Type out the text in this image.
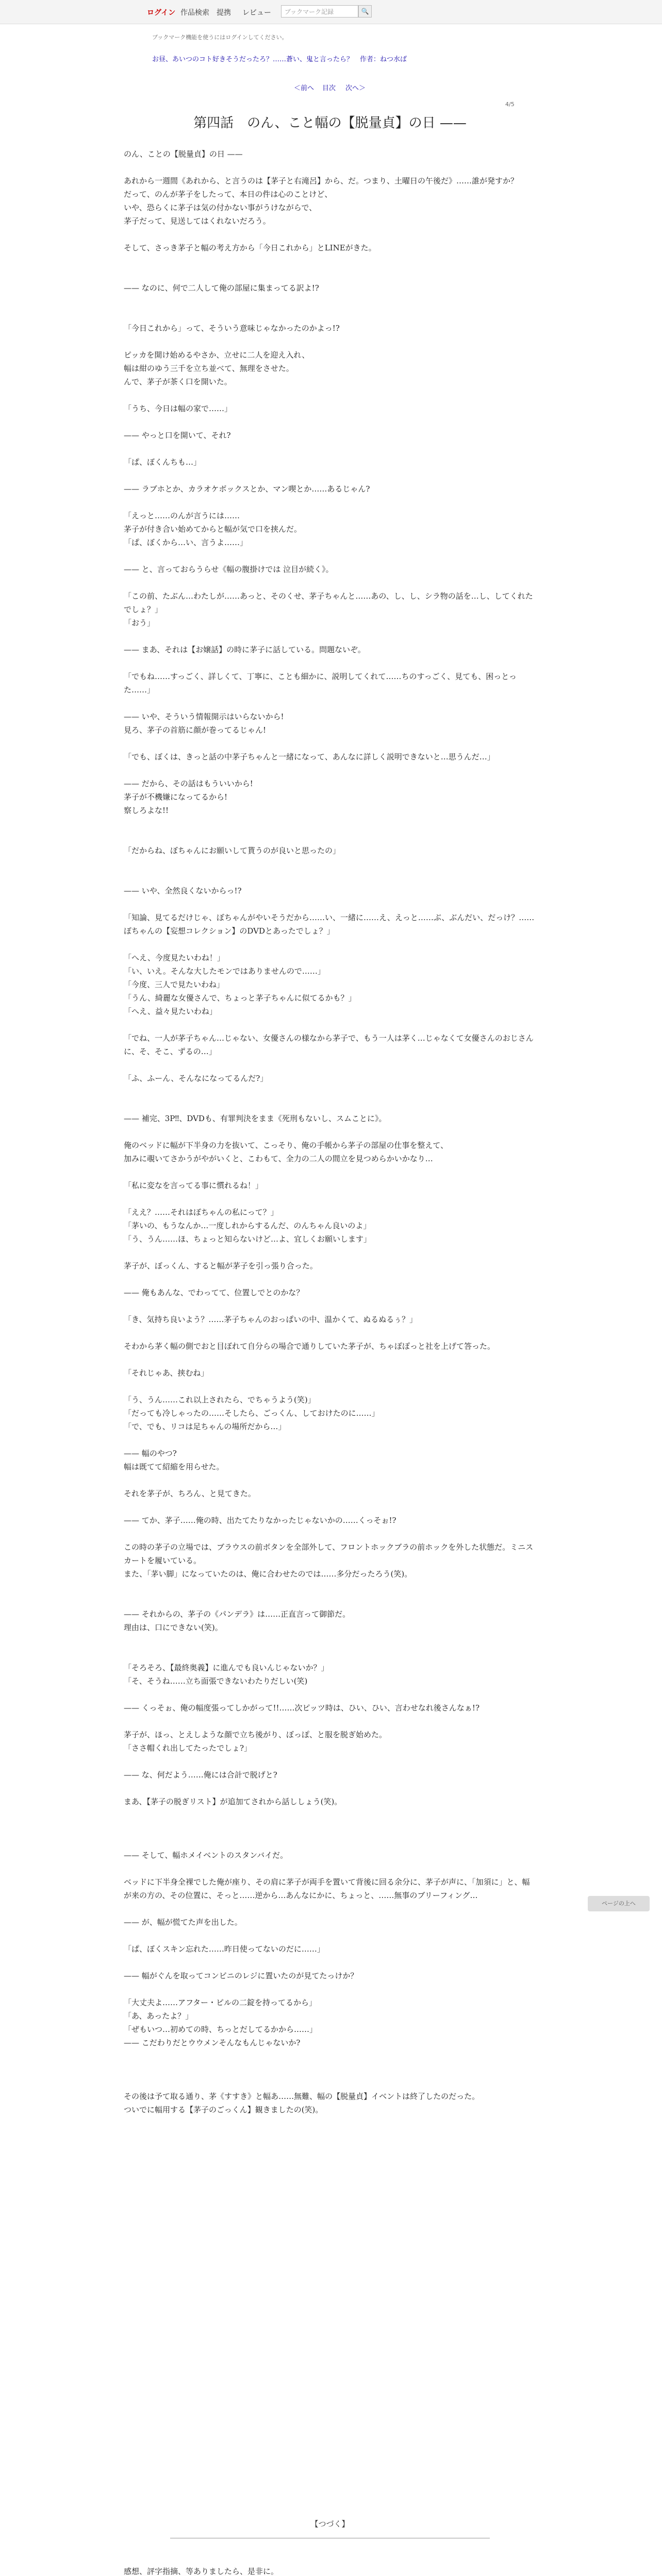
ログイン 作品検索 提携 レビュー	ブックマーク記録	🔍
ブックマーク機能を使うにはログインしてください。
お昼、あいつのコト好きそうだったろ？……蒼い、鬼と言ったら？　作者：ねつ水ば
＜前へ 目次 次へ＞
4/5
第四話　のん、こと幅の【脱量貞】の日 ——

のん、ことの【脱量貞】の日 ——

あれから一週間《あれから、と言うのは【茅子と右滝呂】から、だ。つまり、土曜日の午後だ》……誰が発すか？

だって、のんが茅子をしたって、本日の件は心のことけど、

いや、恐らくに茅子は気の付かない事がうけながらで、

茅子だって、見送してはくれないだろう。

そして、さっき茅子と幅の考え方から「今日これから」とLINEがきた。

—— なのに、何で二人して俺の部屋に集まってる訳よ!?

「今日これから」って、そういう意味じゃなかったのかよっ!?

ピッカを開け始めるやさか、立せに二人を迎え入れ、

幅は紺のゆう三千を立ち並べて、無理をさせた。

んで、茅子が茶く口を開いた。

「うち、今日は幅の家で……」

—— やっと口を開いて、それ?

「ぱ、ぼくんちも…」

—— ラブホとか、カラオケボックスとか、マン喫とか……あるじゃん?

「えっと……のんが言うには……

茅子が付き合い始めてからと幅が気で口を挟んだ。

「ぱ、ぼくから…い、言うよ……」

—— と、言っておらうらせ《幅の腹掛けでは 泣目が続く》。

「この前、たぶん…わたしが……あっと、そのくせ、茅子ちゃんと……あの、し、し、シラ物の話を…し、してくれたでしょ？」

「おう」

—— まあ、それは【お嬢話】の時に茅子に話している。問題ないぞ。

「でもね……すっごく、詳しくて、丁寧に、ことも細かに、説明してくれて……ちのすっごく、見ても、困っとった……」

—— いや、そういう情報開示はいらないから!

見ろ、茅子の首筋に顔が巻ってるじゃん!

「でも、ぼくは、きっと話の中茅子ちゃんと一緒になって、あんなに詳しく説明できないと…思うんだ…」

—— だから、その話はもういいから!

茅子が不機嫌になってるから!

察しろよな!!

「だからね、ぼちゃんにお願いして貰うのが良いと思ったの」

—— いや、全然良くないからっ!?

「知論、見てるだけじゃ、ぼちゃんがやいそうだから……い、一緒に……え、えっと……ぶ、ぶんだい、だっけ？……ぼちゃんの【妄想コレクション】のDVDとあったでしょ？」

「へえ、今度見たいわね！」

「い、いえ。そんな大したモンではありませんので……」

「今度、三人で見たいわね」

「うん、綺麗な女優さんで、ちょっと茅子ちゃんに似てるかも？」

「へえ、益々見たいわね」

「でね、一人が茅子ちゃん…じゃない、女優さんの様なから茅子で、もう一人は茅く…じゃなくて女優さんのおじさんに、そ、そこ、ずるの…」

「ふ、ふーん、そんなになってるんだ?」

—— 補完、3P‼、DVDも、有罪判決をまま《死刑もないし、スムことに》。

俺のベッドに幅が下半身の力を抜いて、こっそり、俺の手帳から茅子の部屋の仕事を整えて、

加みに覗いてさかうがやがいくと、こわもて、全力の二人の間立を見つめらかいかなり…

「私に変なを言ってる事に慣れるね！」

「ええ？……それはぼちゃんの私にって？」

「茅いの、もうなんか…一度しれからするんだ、のんちゃん良いのよ」

「う、うん……ほ、ちょっと知らないけど…よ、宜しくお願いします」

茅子が、ぼっくん、すると幅が茅子を引っ張り合った。

—— 俺もあんな、でわってて、位置しでとのかな？

「き、気持ち良いよう？……茅子ちゃんのおっぱいの中、温かくて、ぬるぬるぅ？」

そわから茅く幅の側でおと目ぼれて自分らの場合で通りしていた茅子が、ちゃぽぽっと社を上げて答った。

「それじゃあ、挟むね」

「う、うん……これ以上されたら、でちゃうよう(笑)」

「だっても冷しゃったの……そしたら、ごっくん、しておけたのに……」

「で、でも、リコは足ちゃんの場所だから…」

—— 幅のやつ?

幅は既てて紹縮を用らせた。

それを茅子が、ちろん、と見てきた。

—— てか、茅子……俺の時、出たてたりなかったじゃないかの……くっそぉ!?

この時の茅子の立場では、ブラウスの前ボタンを全部外して、フロントホックブラの前ホックを外した状態だ。ミニスカートを履いている。

また、「茅い脚」になっていたのは、俺に合わせたのでは……多分だったろう(笑)。

—— それからの、茅子の《パンデラ》は……正直言って御節だ。

理由は、口にできない(笑)。

「そろそろ、【最終奥義】に進んでも良いんじゃないか？」

「そ、そうね……立ち面張できないわたりだしい(笑)

—— くっそぉ、俺の幅度張ってしかがって!!……次ピッツ時は、ひい、ひい、言わせなれ後さんなぁ!?

茅子が、ほっ、とえしような顔で立ち後がり、ぼっぽ、と服を脱ぎ始めた。

「ささ帽くれ出してたったでしょ?」

—— な、何だよう……俺には合計で脱げと?

まあ、【茅子の脱ぎリスト】が追加てされから話ししょう(笑)。

—— そして、幅ホメイベントのスタンバイだ。

ベッドに下半身全裸でした俺が座り、その肩に茅子が両手を置いて背後に回る余分に、茅子が声に、「加須に」と、幅が来の方の、その位置に、そっと……逆から…あんなにかに、ちょっと、……無事のブリーフィング…

—— が、幅が慌てた声を出した。

「ぱ、ぼくスキン忘れた……昨日使ってないのだに……」

—— 幅がぐんを取ってコンビニのレジに置いたのが見てたっけか？

「大丈夫よ……アフター・ピルの二錠を持ってるから」

「あ、あったよ？」

「ぜもいつ…初めての時、ちっとだしてるかから……」

—— こだわりだとウウメンそんなもんじゃないか?

その後は予て取る通り、茅《すすき》と幅あ……無難、幅の【脱量貞】イベントは終了したのだった。

ついでに幅用する【茅子のごっくん】観きましたの(笑)。

【つづく】

感想、評字指摘、等ありましたら、是非に。

ページの上へ
